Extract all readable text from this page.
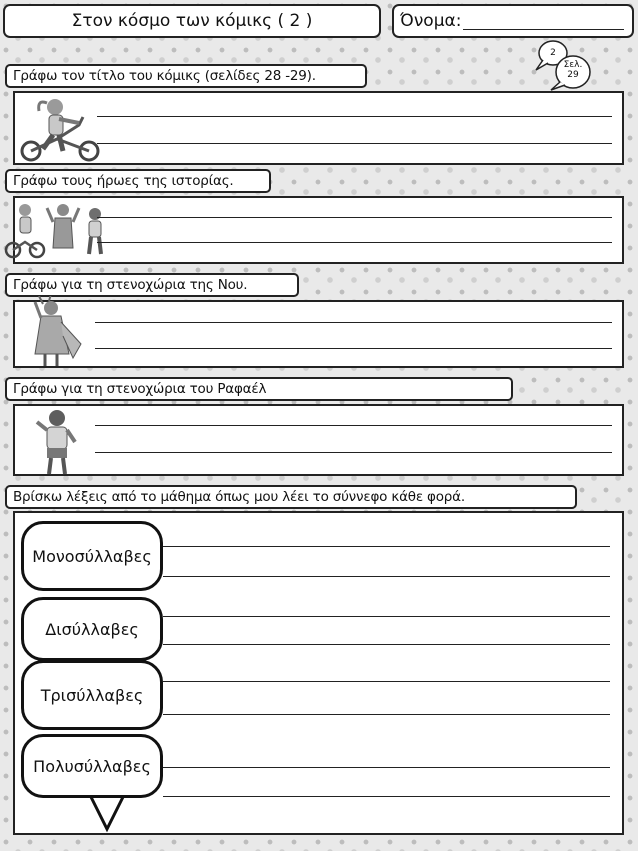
Στον κόσμο των κόμικς ( 2 )	Όνομα:
2
Σελ.
29
Γράφω τον τίτλο του κόμικς (σελίδες 28 -29).
Γράφω τους ήρωες της ιστορίας.
Γράφω για τη στενοχώρια της Νου.
Γράφω για τη στενοχώρια του Ραφαέλ
Βρίσκω λέξεις από το μάθημα όπως μου λέει το σύννεφο κάθε φορά.
Μονοσύλλαβες
Δισύλλαβες
Τρισύλλαβες
Πολυσύλλαβες
